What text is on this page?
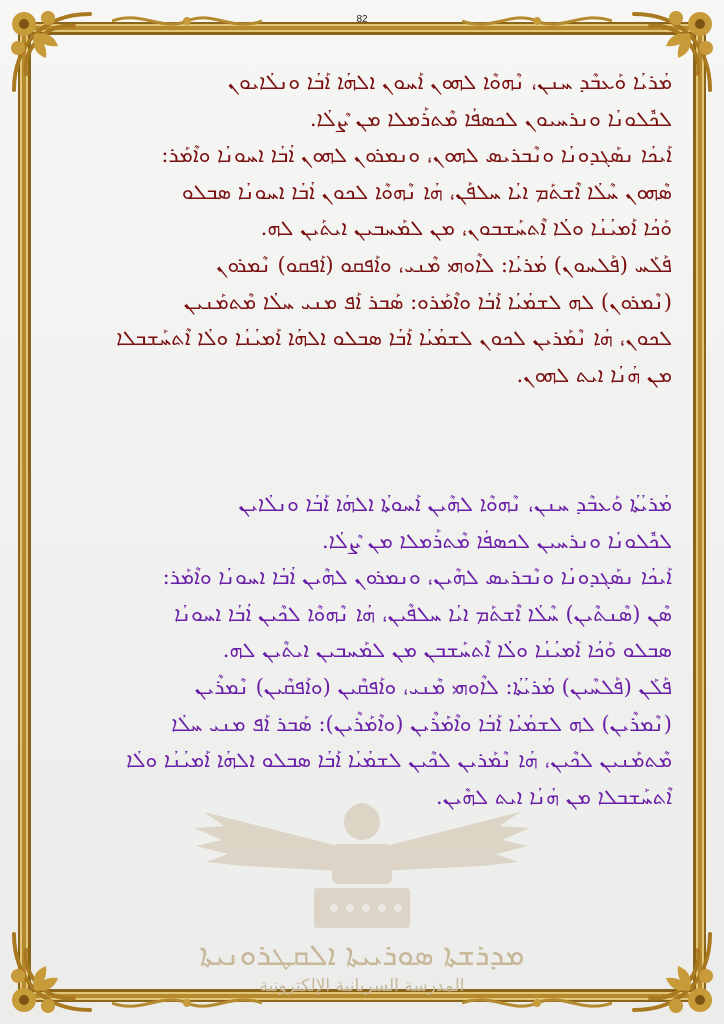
82
ܡܕܪܫܬܐ ܣܘܪܝܝܬܐ ܐܠܩܛܪܘܢܝܬܐ
المدرسة السريانية الإلكترونية

ܡܳܪܝܳܐ ܘܰܥܒܶܕ ܚܢܢ، ܢܶܗܘܶܐ ܠܗܘܢ ܐܰܚܘܢ ܐܠܗܳܐ ܐܰܒܳܐ ܘܢܠܳܐܝܘܢ

ܠܟܽܠܘܢܳܐ ܘܢܪܚܝܘܢ ܠܟܣܦܳܐ ܡܶܬܪܰܡܠܐ ܡܢ ܨܶܠܳܐ.

ܐܰܝܟܳܐ ܢܣܰܓܕܘܢܳܐ ܘܢܶܒܪܝܣ ܠܗܘܢ، ܘܢܡܪܘܢ ܠܗܘܢ ܐܳܒܳܐ ܐܚܘܢܳܐ ܘܐܶܡܰܪ:

ܣܶܗܘܢ ܚܶܠܳܐ ܐܶܫܬܰܡ ܐܝܳܐ ܚܠܦܰܢ، ܗܳܐ ܢܶܗܘܶܐ ܠܟܘܢ ܐܳܒܳܐ ܐܚܘܢܳܐ ܣܒܠܘ

ܘܰܟܳܐ ܐܰܡܝܳܢܳܐ ܘܠܳܐ ܐܶܬܚܰܫܒܘܢ، ܡܢ ܠܡܰܚܒܝܢ ܐܝܬܰܝܢ ܠܗ.

ܦܰܠܰܚ (ܦܰܠܚܘܢ) ܡܳܪܝܳܐ: ܠܐܶܘܗܝ ܡܶܢܝ، ܘܐܰܦܩܘ (ܐܰܦܩܘ) ܢܶܡܪܘܢ

(ܢܶܡܪܘܢ) ܠܗ ܠܫܡܳܝܳܐ ܐܰܒܳܐ ܘܐܶܡܰܪܘ: ܣܰܒܪ ܐܰܦ ܡܢܝ ܚܠܳܐ ܡܶܬܡܰܢܝܢ

ܠܟܘܢ، ܗܳܐ ܢܶܡܰܪܝܢ ܠܟܘܢ ܠܫܡܳܝܳܐ ܐܰܒܳܐ ܣܒܠܘ ܐܠܗܳܐ ܐܰܡܝܳܢܳܐ ܘܠܳܐ ܐܶܬܚܰܫܒܠܐ

ܡܢ ܗܳܢܳܐ ܐܝܬ ܠܗܘܢ.

ܡܳܪܝܳܬܳܐ ܘܰܥܒܶܕ ܚܢܢ، ܢܶܗܘܶܐ ܠܗܶܝܢ ܐܰܚܘܬܳܐ ܐܠܗܳܐ ܐܰܒܳܐ ܘܢܠܳܐܝܢ

ܠܟܽܠܘܢܳܐ ܘܢܪܚܝܢ ܠܟܣܦܳܐ ܡܶܬܪܰܡܠܐ ܡܢ ܨܶܠܳܐ.

ܐܰܝܟܳܐ ܢܣܰܓܕܘܢܳܐ ܘܢܶܒܪܝܣ ܠܗܶܝܢ، ܘܢܡܪܘܢ ܠܗܶܝܢ ܐܳܒܳܐ ܐܚܘܢܳܐ ܘܐܶܡܰܪ:

ܣܶܢ (ܣܶܢܬܶܝܢ) ܚܶܠܳܐ ܐܶܫܬܰܡ ܐܝܳܐ ܚܠܦܶܝܢ، ܗܳܐ ܢܶܗܘܶܐ ܠܟܶܝܢ ܐܳܒܳܐ ܐܚܘܢܳܐ

ܣܒܠܘ ܘܰܟܳܐ ܐܰܡܝܳܢܳܐ ܘܠܳܐ ܐܶܬܚܰܫܒܢ ܡܢ ܠܡܰܚܒܝܢ ܐܝܬܶܝܢ ܠܗ.

ܦܰܠܰܢ (ܦܰܠܚܶܝܢ) ܡܳܪܝܳܬܳܐ: ܠܐܶܘܗܝ ܡܶܢܝ، ܘܐܰܦܩܶܝܢ (ܘܐܰܦܩܶܝܢ) ܢܶܡܪܶܝܢ

(ܢܶܡܪܶܝܢ) ܠܗ ܠܫܡܳܝܳܐ ܐܰܒܳܐ ܘܐܶܡܰܪܶܝܢ (ܘܐܶܡܰܪܶܝܢ): ܣܰܒܪ ܐܰܦ ܡܢܝ ܚܠܳܐ

ܡܶܬܡܰܢܝܢ ܠܟܶܝܢ، ܗܳܐ ܢܶܡܰܪܝܢ ܠܟܶܝܢ ܠܫܡܳܝܳܐ ܐܰܒܳܐ ܣܒܠܘ ܐܠܗܳܐ ܐܰܡܝܳܢܳܐ ܘܠܳܐ

ܐܶܬܚܰܫܒܠܐ ܡܢ ܗܳܢܳܐ ܐܝܬ ܠܗܶܝܢ.
